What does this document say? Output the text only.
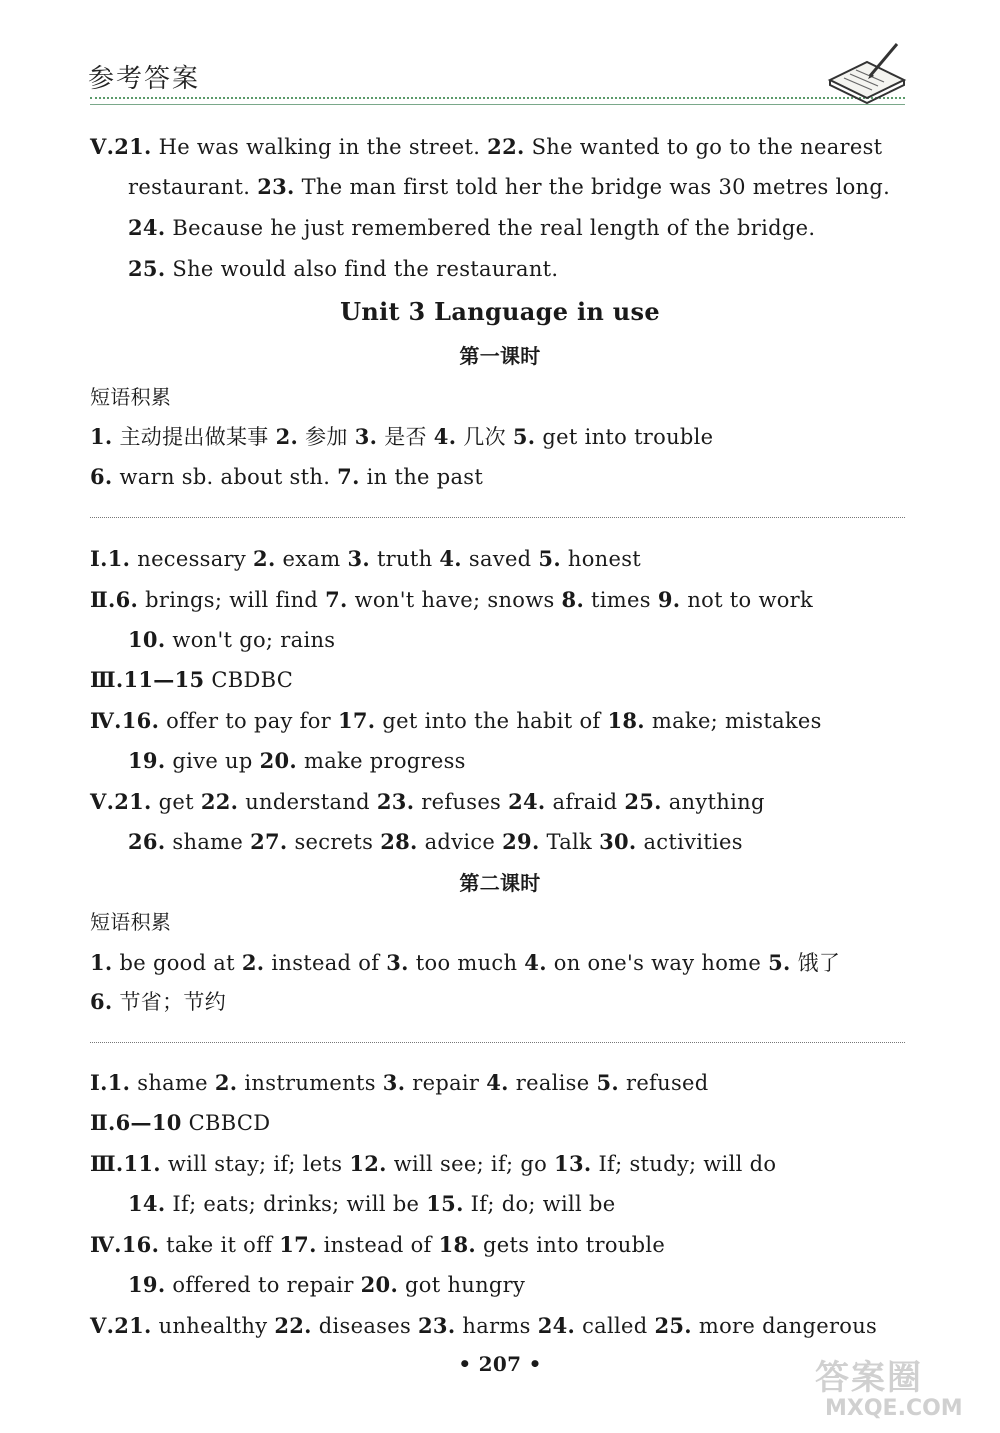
参考答案
Ⅴ.21. He was walking in the street. 22. She wanted to go to the nearest
restaurant. 23. The man first told her the bridge was 30 metres long.
24. Because he just remembered the real length of the bridge.
25. She would also find the restaurant.
Unit 3 Language in use
第一课时
短语积累
1. 主动提出做某事 2. 参加 3. 是否 4. 几次 5. get into trouble
6. warn sb. about sth. 7. in the past
Ⅰ.1. necessary 2. exam 3. truth 4. saved 5. honest
Ⅱ.6. brings; will find 7. won't have; snows 8. times 9. not to work
10. won't go; rains
Ⅲ.11—15 CBDBC
Ⅳ.16. offer to pay for 17. get into the habit of 18. make; mistakes
19. give up 20. make progress
Ⅴ.21. get 22. understand 23. refuses 24. afraid 25. anything
26. shame 27. secrets 28. advice 29. Talk 30. activities
第二课时
短语积累
1. be good at 2. instead of 3. too much 4. on one's way home 5. 饿了
6. 节省；节约
Ⅰ.1. shame 2. instruments 3. repair 4. realise 5. refused
Ⅱ.6—10 CBBCD
Ⅲ.11. will stay; if; lets 12. will see; if; go 13. If; study; will do
14. If; eats; drinks; will be 15. If; do; will be
Ⅳ.16. take it off 17. instead of 18. gets into trouble
19. offered to repair 20. got hungry
Ⅴ.21. unhealthy 22. diseases 23. harms 24. called 25. more dangerous
• 207 •	答案圈
MXQE.COM
